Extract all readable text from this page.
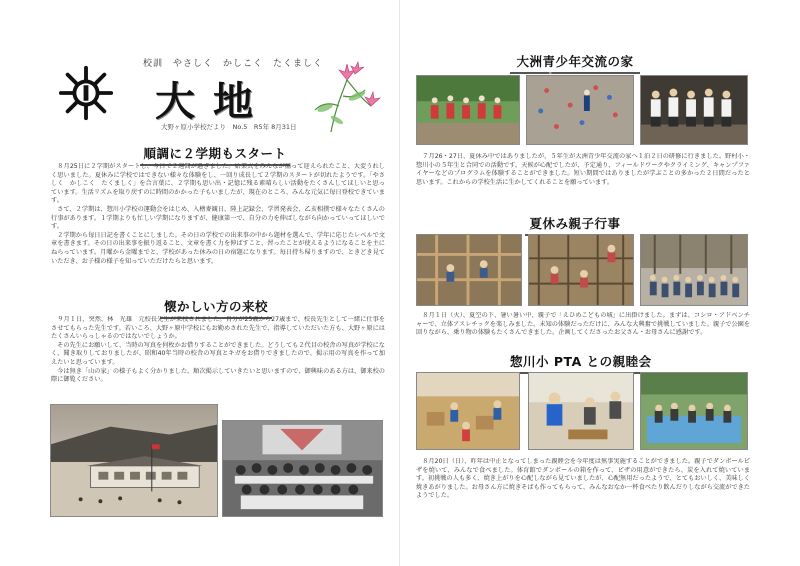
校訓　やさしく　かしこく　たくましく
大地
大野ヶ原小学校だより　No.5　R5年 8月31日
順調に２学期もスタート
　８月25日に２学期がスタートし、今日で２週間が過ぎました。始業式をみんなが揃って迎えられたこと、大変うれしく思いました。夏休みに学校ではできない様々な体験をし、一回り成長して２学期のスタートが切れたようです。「やさしく　かしこく　たくましく」を合言葉に、２学期も思い出・記憶に残る素晴らしい活動をたくさんしてほしいと思っています。生活リズムを取り戻すのに時間のかかった子もいましたが、現在のところ、みんな元気に毎日登校できています。
　さて、２学期は、惣川小学校の運動会をはじめ、入檜麥観日、陸上記録会、学習発表会、乙亥相撲で様々なたくさんの行事があります。１学期よりも忙しい学期になりますが、健康第一で、自分の力を伸ばしながら向かっていってほしいです。
　２学期から毎日日記を書くことにしました。その日の学校での出来事の中から題材を選んで、学年に応じたレベルで文章を書きます。その日の出来事を振り返ること、文章を書く力を伸ばすこと、習ったことが使えるようになることを主にねらっています。月曜から金曜までと、学校があった休みの日の宿題になります。毎日持ち帰りますので、ときどき見ていただき、お子様の様子を知っていただけたらと思います。
懐かしい方の来校
　９月１日、突然、林　光雄　元校長先生が来校されました。自分が25歳から27歳まで、校長先生として一緒に仕事をさせてもらった先生です。若いころ、大野ヶ原中学校にもお勤めされた先生で、指導していただいた方も、大野ヶ原にはたくさんいらっしゃるのではないでしょうか。
　その先生にお願いして、当時の写真を何枚かお借りすることができました。どうしても２代目の校舎の写真が学校になく、聞き取りしておりましたが、昭和40年当時の校舎の写真とキガをお借りできましたので、掲示用の写真を作って加えたいと思っています。
　今は無き「山の家」の様子もよく分かりました。順次掲示していきたいと思いますので、御興味のある方は、御来校の際に御覧ください。
大洲青少年交流の家
　７月26・27日、夏休み中ではありましたが、５年生が大洲青少年交流の家へ１泊２日の研修に行きました。野村小・惣川小の５年生と合同での活動です。天候が心配でしたが、予定通り、フィールドワークやクライミング、キャンプファイヤーなどのプログラムを体験することができました。短い期間ではありましたが学ぶことの多かった２日間だったと思います。これからの学校生活に生かしてくれることを願っています。
夏休み親子行事
　８月１日（火）、夏空の下、暑い暑い中、親子で「えひめこどもの城」に出掛けました。まずは、コシロ・アドベンチャーで、立体アスレチックを楽しみました。未知の体験だっただけに、みんな大興奮で挑戦していました。親子で公園を回りながら、乗り物の体験もたくさんできました。企画してくださったお父さん・お母さんに感謝です。
惣川小 PTA との親睦会
　８月20日（日）、昨年は中止となってしまった親睦会を今年度は無事実施することができました。親子でダンボールピザを焼いて、みんなで食べました。体育館でダンボールの箱を作って、ピザの用意ができたら、炭を入れて焼いています。初挑戦の人も多く、焼き上がりを心配しながら見ていましたが、心配無用だったようで、とてもおいしく、美味しく焼きあがりました。お母さん方に焼きそばも作ってもらって、みんなおなか一杯食べたり飲んだりしながら交流ができたようでした。
